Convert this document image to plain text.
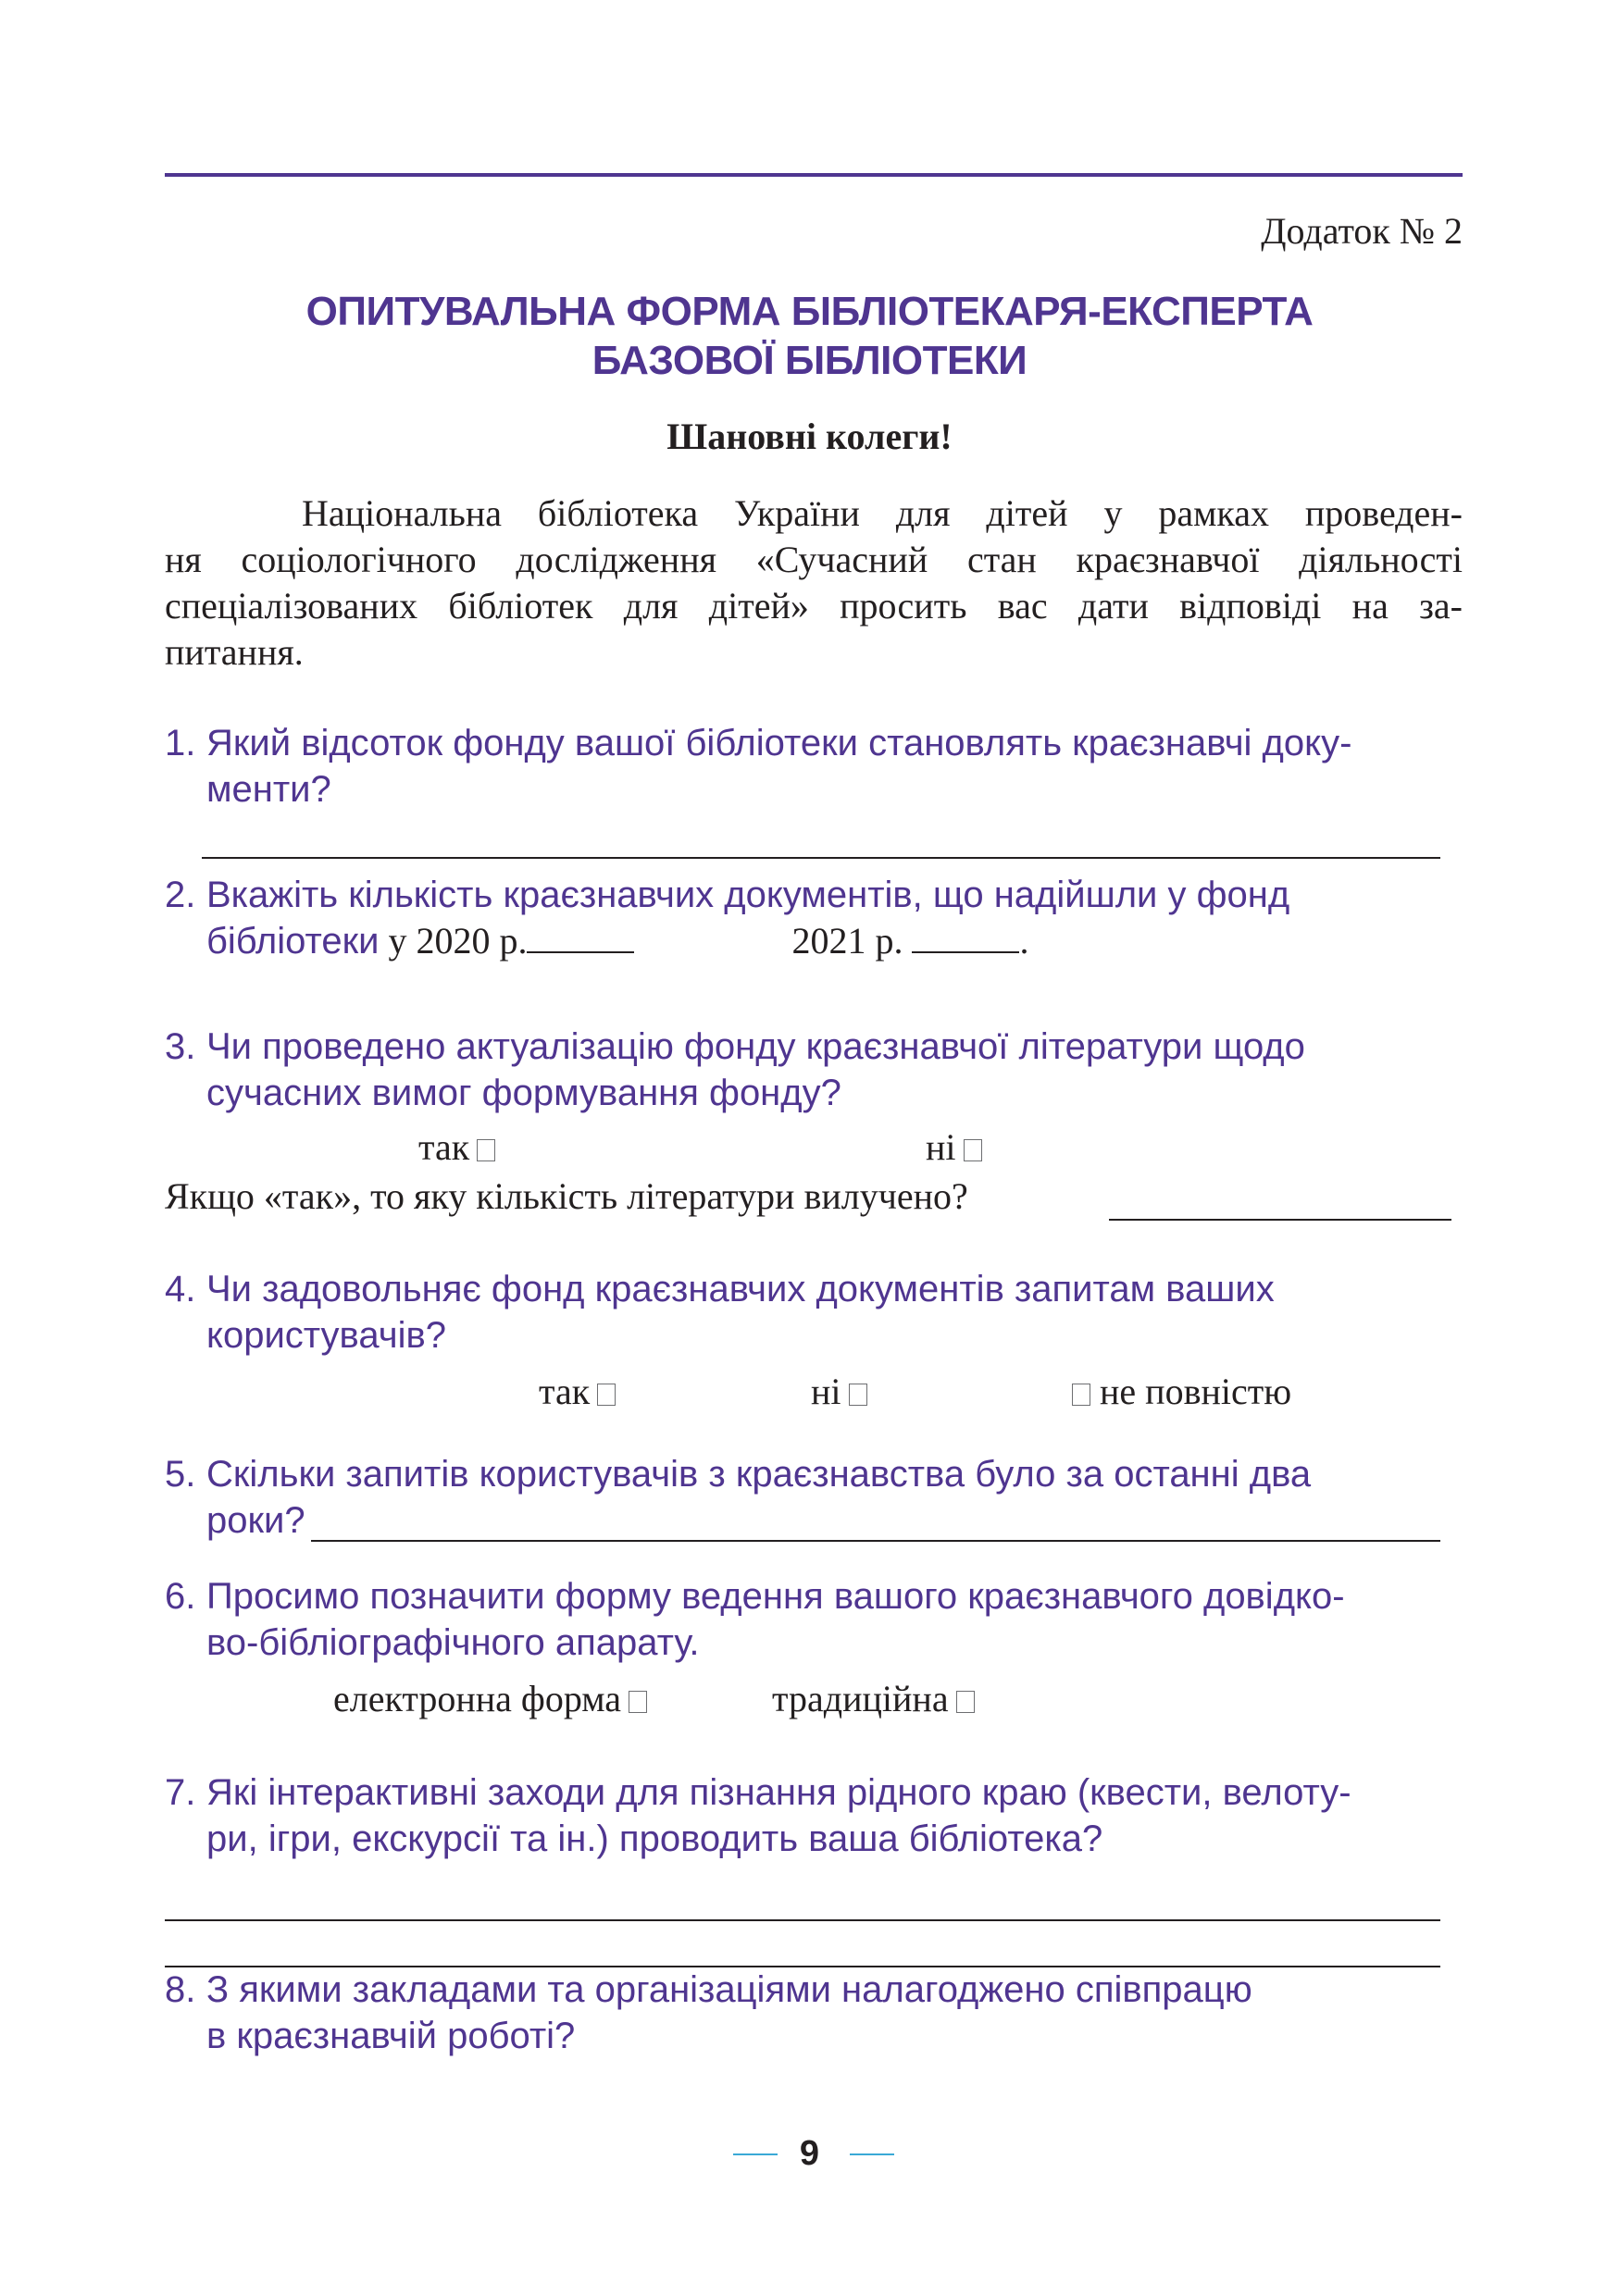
Додаток № 2
ОПИТУВАЛЬНА ФОРМА БІБЛІОТЕКАРЯ-ЕКСПЕРТА
БАЗОВОЇ БІБЛІОТЕКИ
Шановні колеги!
Національна бібліотека України для дітей у рамках проведен-
ня соціологічного дослідження «Сучасний стан краєзнавчої діяльності
спеціалізованих бібліотек для дітей» просить вас дати відповіді на за-
питання.
1. Який відсоток фонду вашої бібліотеки становлять краєзнавчі доку-
менти?
2. Вкажіть кількість краєзнавчих документів, що надійшли у фонд
бібліотеки у 2020 р.	2021 р.	.
3. Чи проведено актуалізацію фонду краєзнавчої літератури щодо
сучасних вимог формування фонду?
так	ні
Якщо «так», то яку кількість літератури вилучено?
4. Чи задовольняє фонд краєзнавчих документів запитам ваших
користувачів?
так	ні	не повністю
5. Скільки запитів користувачів з краєзнавства було за останні два
роки?
6. Просимо позначити форму ведення вашого краєзнавчого довідко-
во-бібліографічного апарату.
електронна форма	традиційна
7. Які інтерактивні заходи для пізнання рідного краю (квести, велоту-
ри, ігри, екскурсії та ін.) проводить ваша бібліотека?
8. З якими закладами та організаціями налагоджено співпрацю
в краєзнавчій роботі?
9
